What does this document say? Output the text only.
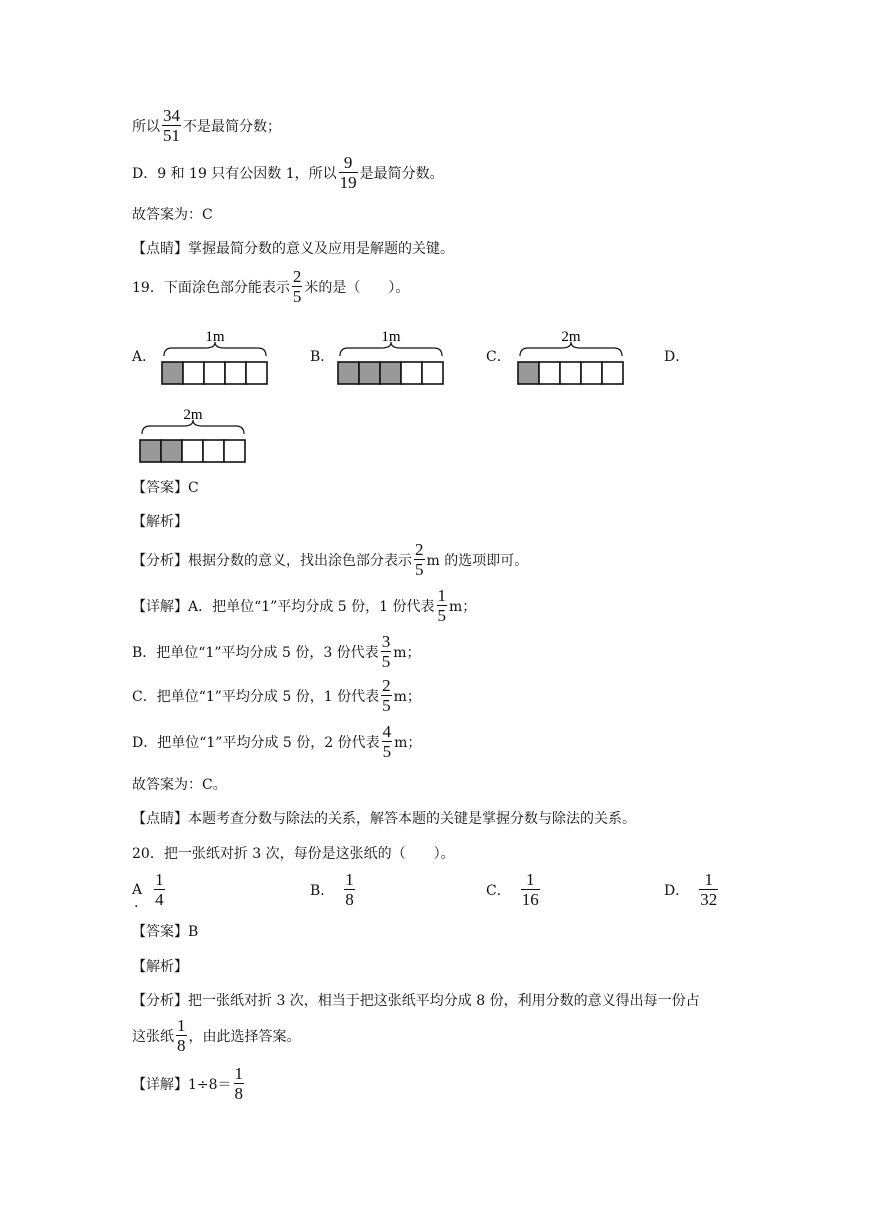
所以
34
51 不是最简分数；
D．9 和 19 只有公因数 1，所以
9
19 是最简分数。
故答案为：C
【点睛】掌握最简分数的意义及应用是解题的关键。
19．下面涂色部分能表示
2
5 米的是（　　）。
A．	B．	C．	D．
1m	1m	2m
2m
【答案】C
【解析】
【分析】根据分数的意义，找出涂色部分表示
2
5 m 的选项即可。
【详解】A．把单位“1”平均分成 5 份，1 份代表
1
5 m；
B．把单位“1”平均分成 5 份，3 份代表
3
5 m；
C．把单位“1”平均分成 5 份，1 份代表
2
5 m；
D．把单位“1”平均分成 5 份，2 份代表
4
5 m；
故答案为：C。
【点睛】本题考查分数与除法的关系，解答本题的关键是掌握分数与除法的关系。
20．把一张纸对折 3 次，每份是这张纸的（　　）。
A
1
4
.
B．
1
8	C．
1
16	D．
1
32
【答案】B
【解析】
【分析】把一张纸对折 3 次，相当于把这张纸平均分成 8 份，利用分数的意义得出每一份占
这张纸
1
8 ，由此选择答案。
【详解】1÷8＝
1
8
